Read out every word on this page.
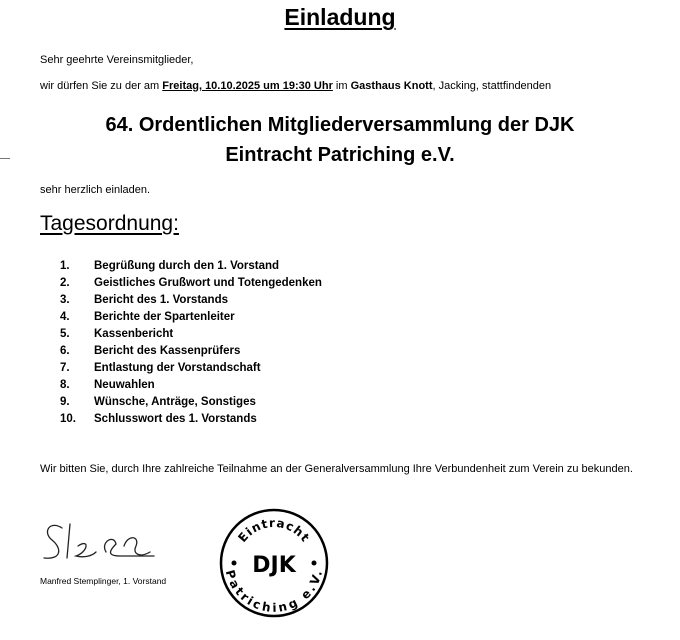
Einladung
Sehr geehrte Vereinsmitglieder,
wir dürfen Sie zu der am Freitag, 10.10.2025 um 19:30 Uhr im Gasthaus Knott, Jacking, stattfindenden
64. Ordentlichen Mitgliederversammlung der DJK
Eintracht Patriching e.V.
sehr herzlich einladen.
Tagesordnung:
1.	Begrüßung durch den 1. Vorstand
2.	Geistliches Grußwort und Totengedenken
3.	Bericht des 1. Vorstands
4.	Berichte der Spartenleiter
5.	Kassenbericht
6.	Bericht des Kassenprüfers
7.	Entlastung der Vorstandschaft
8.	Neuwahlen
9.	Wünsche, Anträge, Sonstiges
10.	Schlusswort des 1. Vorstands
Wir bitten Sie, durch Ihre zahlreiche Teilnahme an der Generalversammlung Ihre Verbundenheit zum Verein zu bekunden.
Manfred Stemplinger, 1. Vorstand
Eintracht
Patriching e.V.
DJK
